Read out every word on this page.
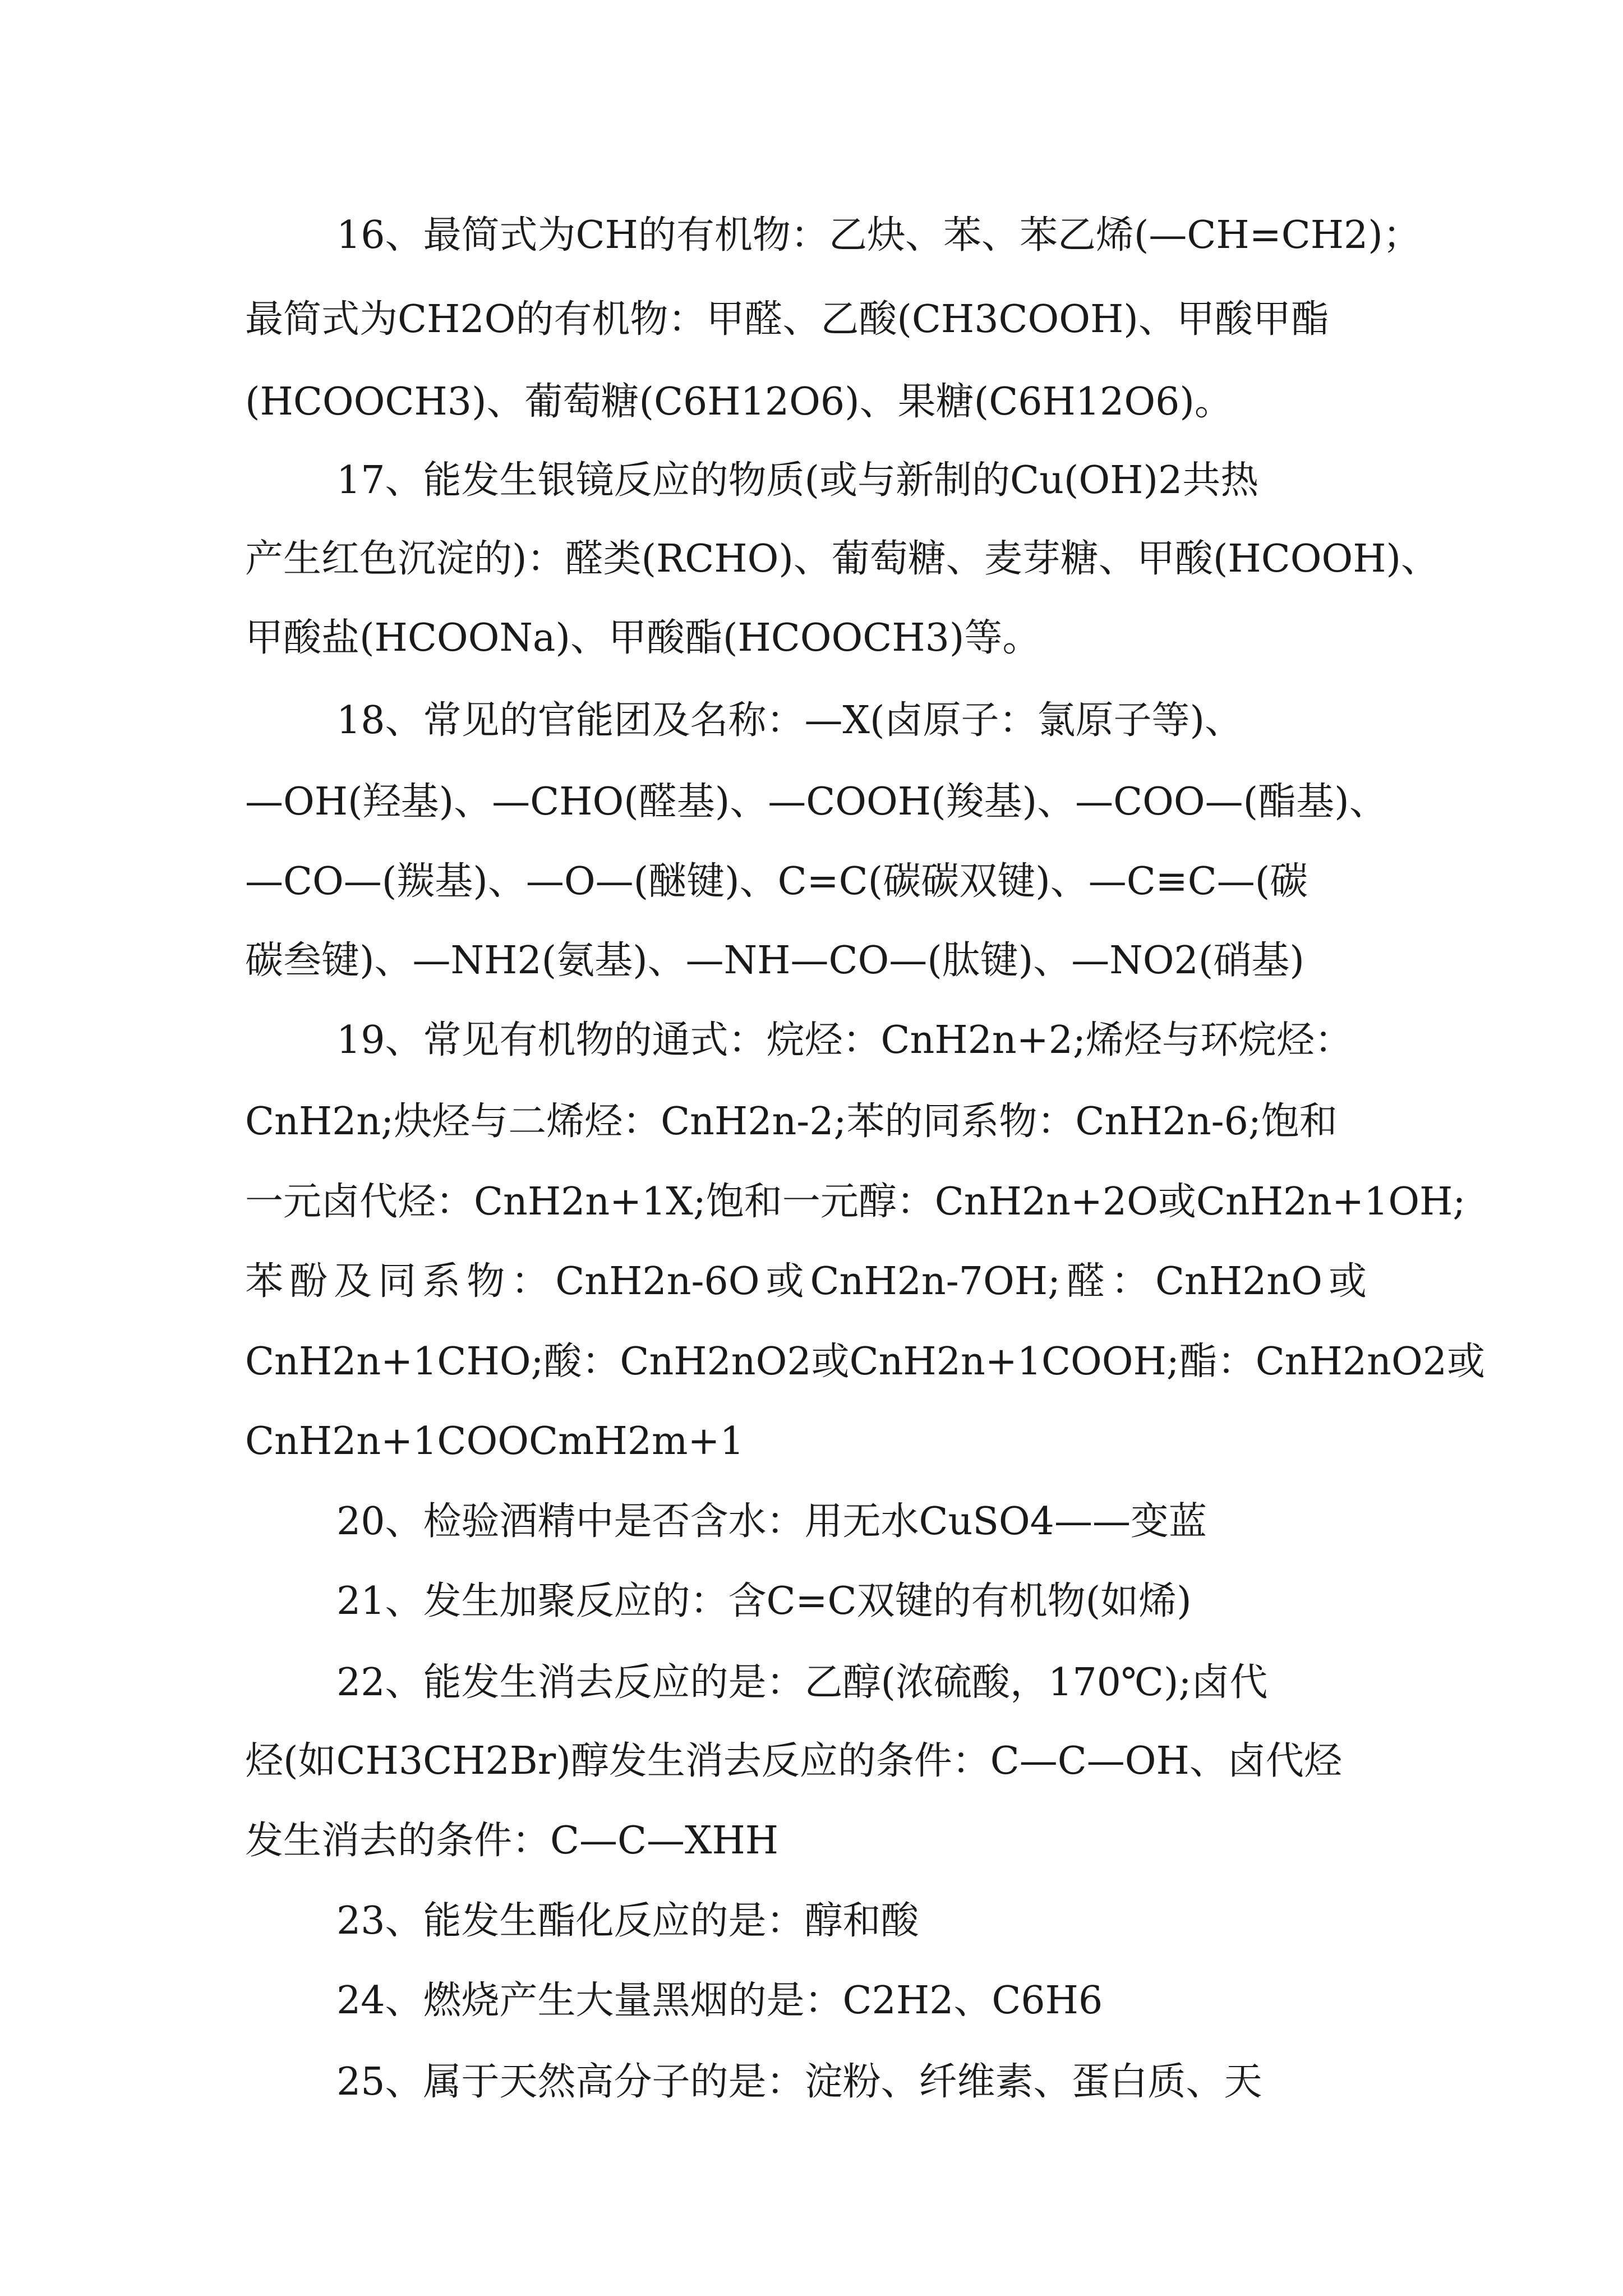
16、最简式为CH的有机物：乙炔、苯、苯乙烯(—CH=CH2)；
最简式为CH2O的有机物：甲醛、乙酸(CH3COOH)、甲酸甲酯
(HCOOCH3)、葡萄糖(C6H12O6)、果糖(C6H12O6)。
17、能发生银镜反应的物质(或与新制的Cu(OH)2共热
产生红色沉淀的)：醛类(RCHO)、葡萄糖、麦芽糖、甲酸(HCOOH)、
甲酸盐(HCOONa)、甲酸酯(HCOOCH3)等。
18、常见的官能团及名称：—X(卤原子：氯原子等)、
—OH(羟基)、—CHO(醛基)、—COOH(羧基)、—COO—(酯基)、
—CO—(羰基)、—O—(醚键)、C=C(碳碳双键)、—C≡C—(碳
碳叁键)、—NH2(氨基)、—NH—CO—(肽键)、—NO2(硝基)
19、常见有机物的通式：烷烃：CnH2n+2;烯烃与环烷烃：
CnH2n;炔烃与二烯烃：CnH2n-2;苯的同系物：CnH2n-6;饱和
一元卤代烃：CnH2n+1X;饱和一元醇：CnH2n+2O或CnH2n+1OH;
苯酚及同系物：CnH2n-6O或CnH2n-7OH;醛：CnH2nO或
CnH2n+1CHO;酸：CnH2nO2或CnH2n+1COOH;酯：CnH2nO2或
CnH2n+1COOCmH2m+1
20、检验酒精中是否含水：用无水CuSO4——变蓝
21、发生加聚反应的：含C=C双键的有机物(如烯)
22、能发生消去反应的是：乙醇(浓硫酸，170℃);卤代
烃(如CH3CH2Br)醇发生消去反应的条件：C—C—OH、卤代烃
发生消去的条件：C—C—XHH
23、能发生酯化反应的是：醇和酸
24、燃烧产生大量黑烟的是：C2H2、C6H6
25、属于天然高分子的是：淀粉、纤维素、蛋白质、天
